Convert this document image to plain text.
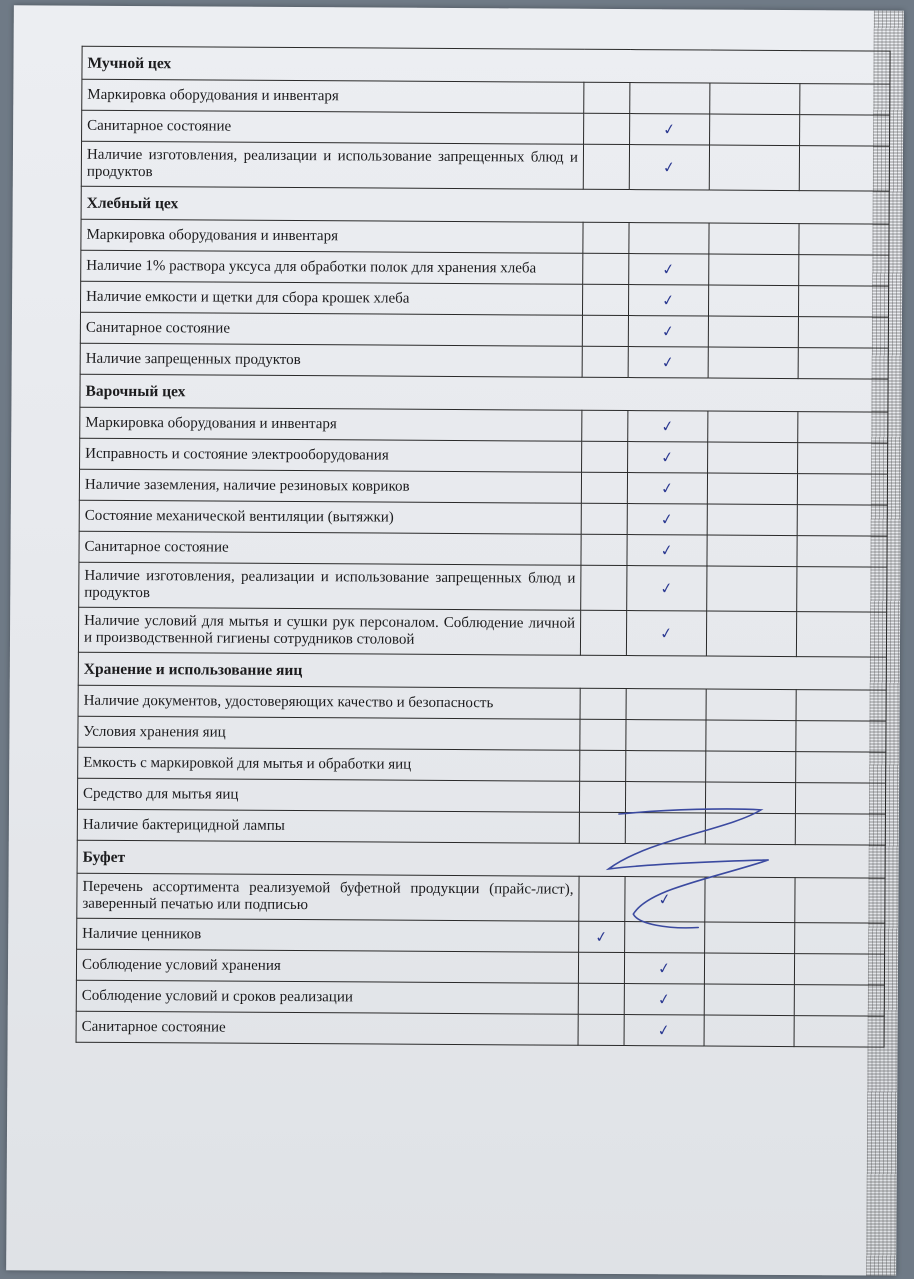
Мучной цех				
Маркировка оборудования и инвентаря				
Санитарное состояние		✓		
Наличие изготовления, реализации и использование запрещенных блюд и продуктов		✓		
Хлебный цех				
Маркировка оборудования и инвентаря				
Наличие 1% раствора уксуса для обработки полок для хранения хлеба		✓		
Наличие емкости и щетки для сбора крошек хлеба		✓		
Санитарное состояние		✓		
Наличие запрещенных продуктов		✓		
Варочный цех				
Маркировка оборудования и инвентаря		✓		
Исправность и состояние электрооборудования		✓		
Наличие заземления, наличие резиновых ковриков		✓		
Состояние механической вентиляции (вытяжки)		✓		
Санитарное состояние		✓		
Наличие изготовления, реализации и использование запрещенных блюд и продуктов		✓		
Наличие условий для мытья и сушки рук персоналом. Соблюдение личной и производственной гигиены сотрудников столовой		✓		
Хранение и использование яиц				
Наличие документов, удостоверяющих качество и безопасность				
Условия хранения яиц				
Емкость с маркировкой для мытья и обработки яиц				
Средство для мытья яиц				
Наличие бактерицидной лампы				
Буфет				
Перечень ассортимента реализуемой буфетной продукции (прайс-лист), заверенный печатью или подписью		✓		
Наличие ценников	✓			
Соблюдение условий хранения		✓		
Соблюдение условий и сроков реализации		✓		
Санитарное состояние		✓		
